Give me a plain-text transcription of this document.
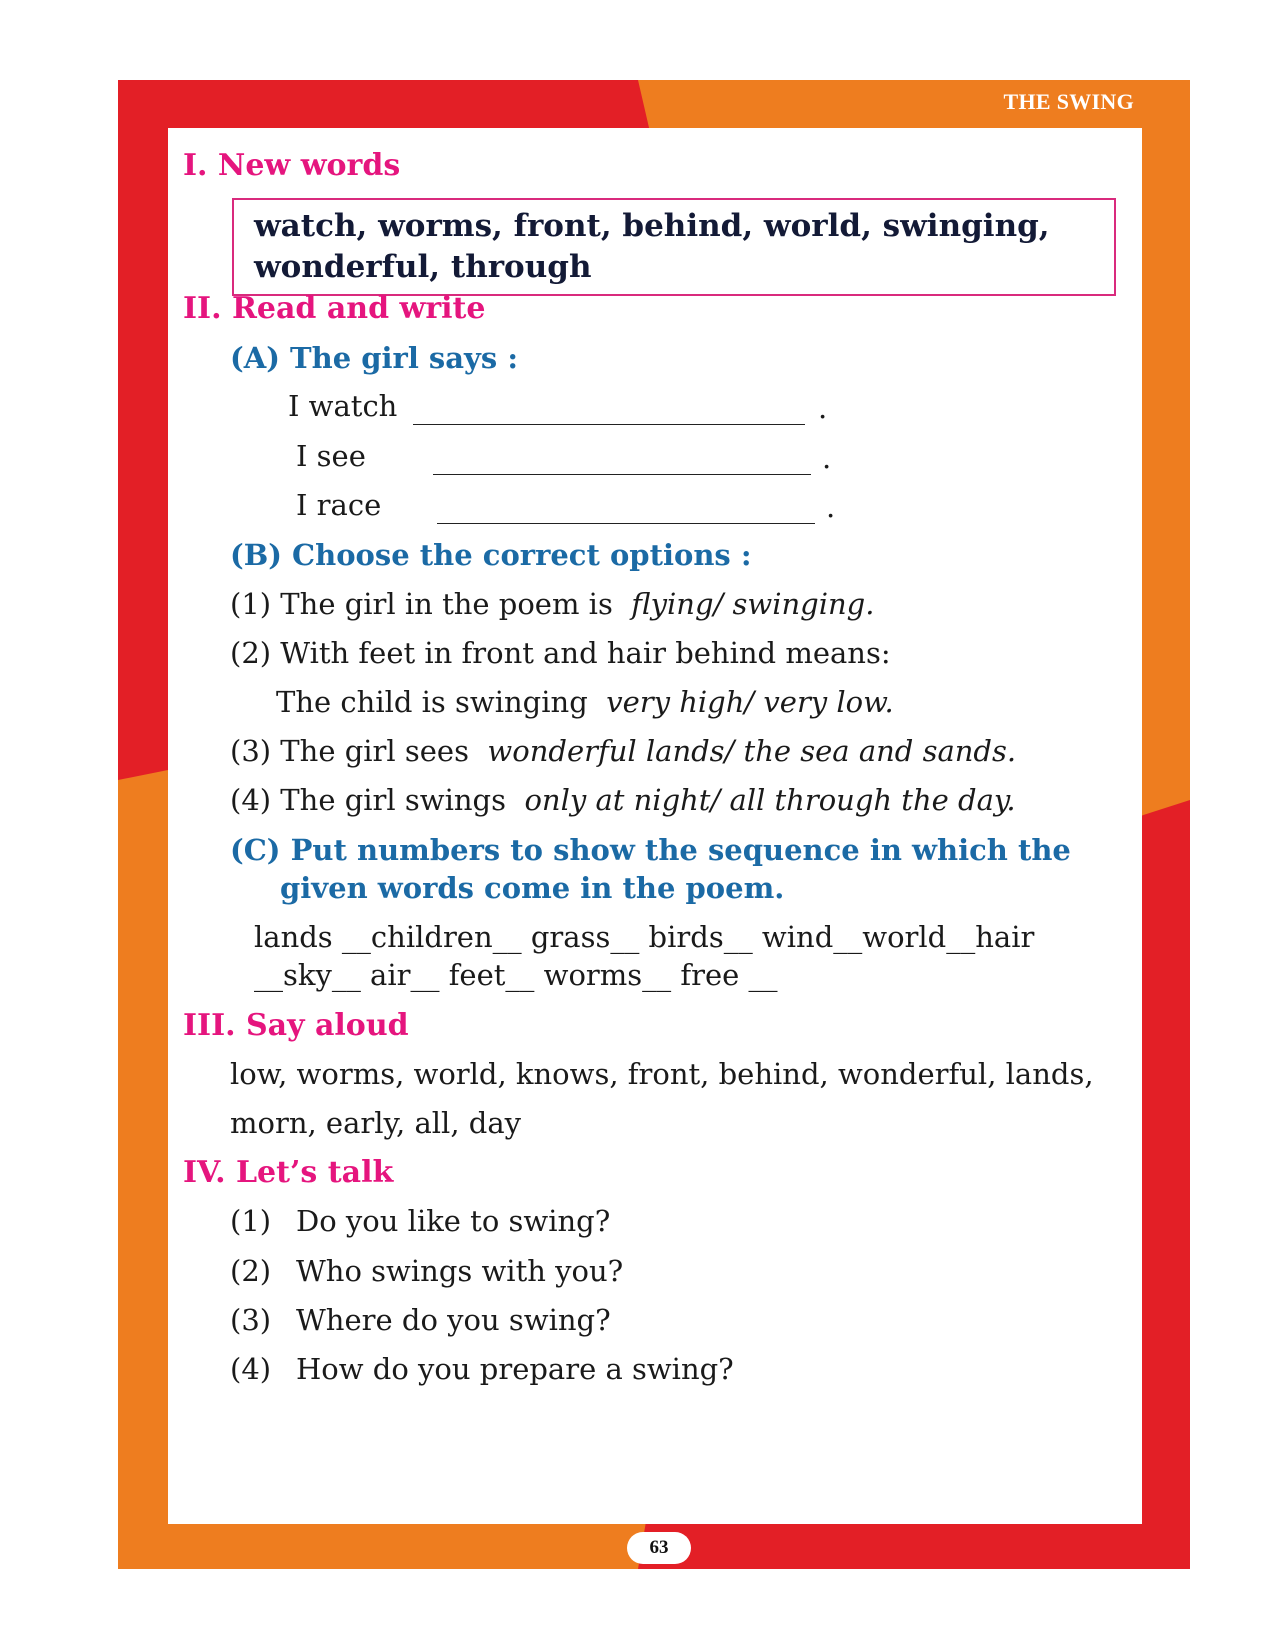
THE SWING
63
I. New words
watch, worms, front, behind, world, swinging,
wonderful, through
II. Read and write
(A) The girl says :
I watch	.
I see	.
I race	.
(B) Choose the correct options :
(1) The girl in the poem is flying/ swinging.
(2) With feet in front and hair behind means:
The child is swinging very high/ very low.
(3) The girl sees wonderful lands/ the sea and sands.
(4) The girl swings only at night/ all through the day.
(C) Put numbers to show the sequence in which the
given words come in the poem.
lands __children__ grass__ birds__ wind__world__hair
__sky__ air__ feet__ worms__ free __
III. Say aloud
low, worms, world, knows, front, behind, wonderful, lands,
morn, early, all, day
IV. Let’s talk
(1) Do you like to swing?
(2) Who swings with you?
(3) Where do you swing?
(4) How do you prepare a swing?
